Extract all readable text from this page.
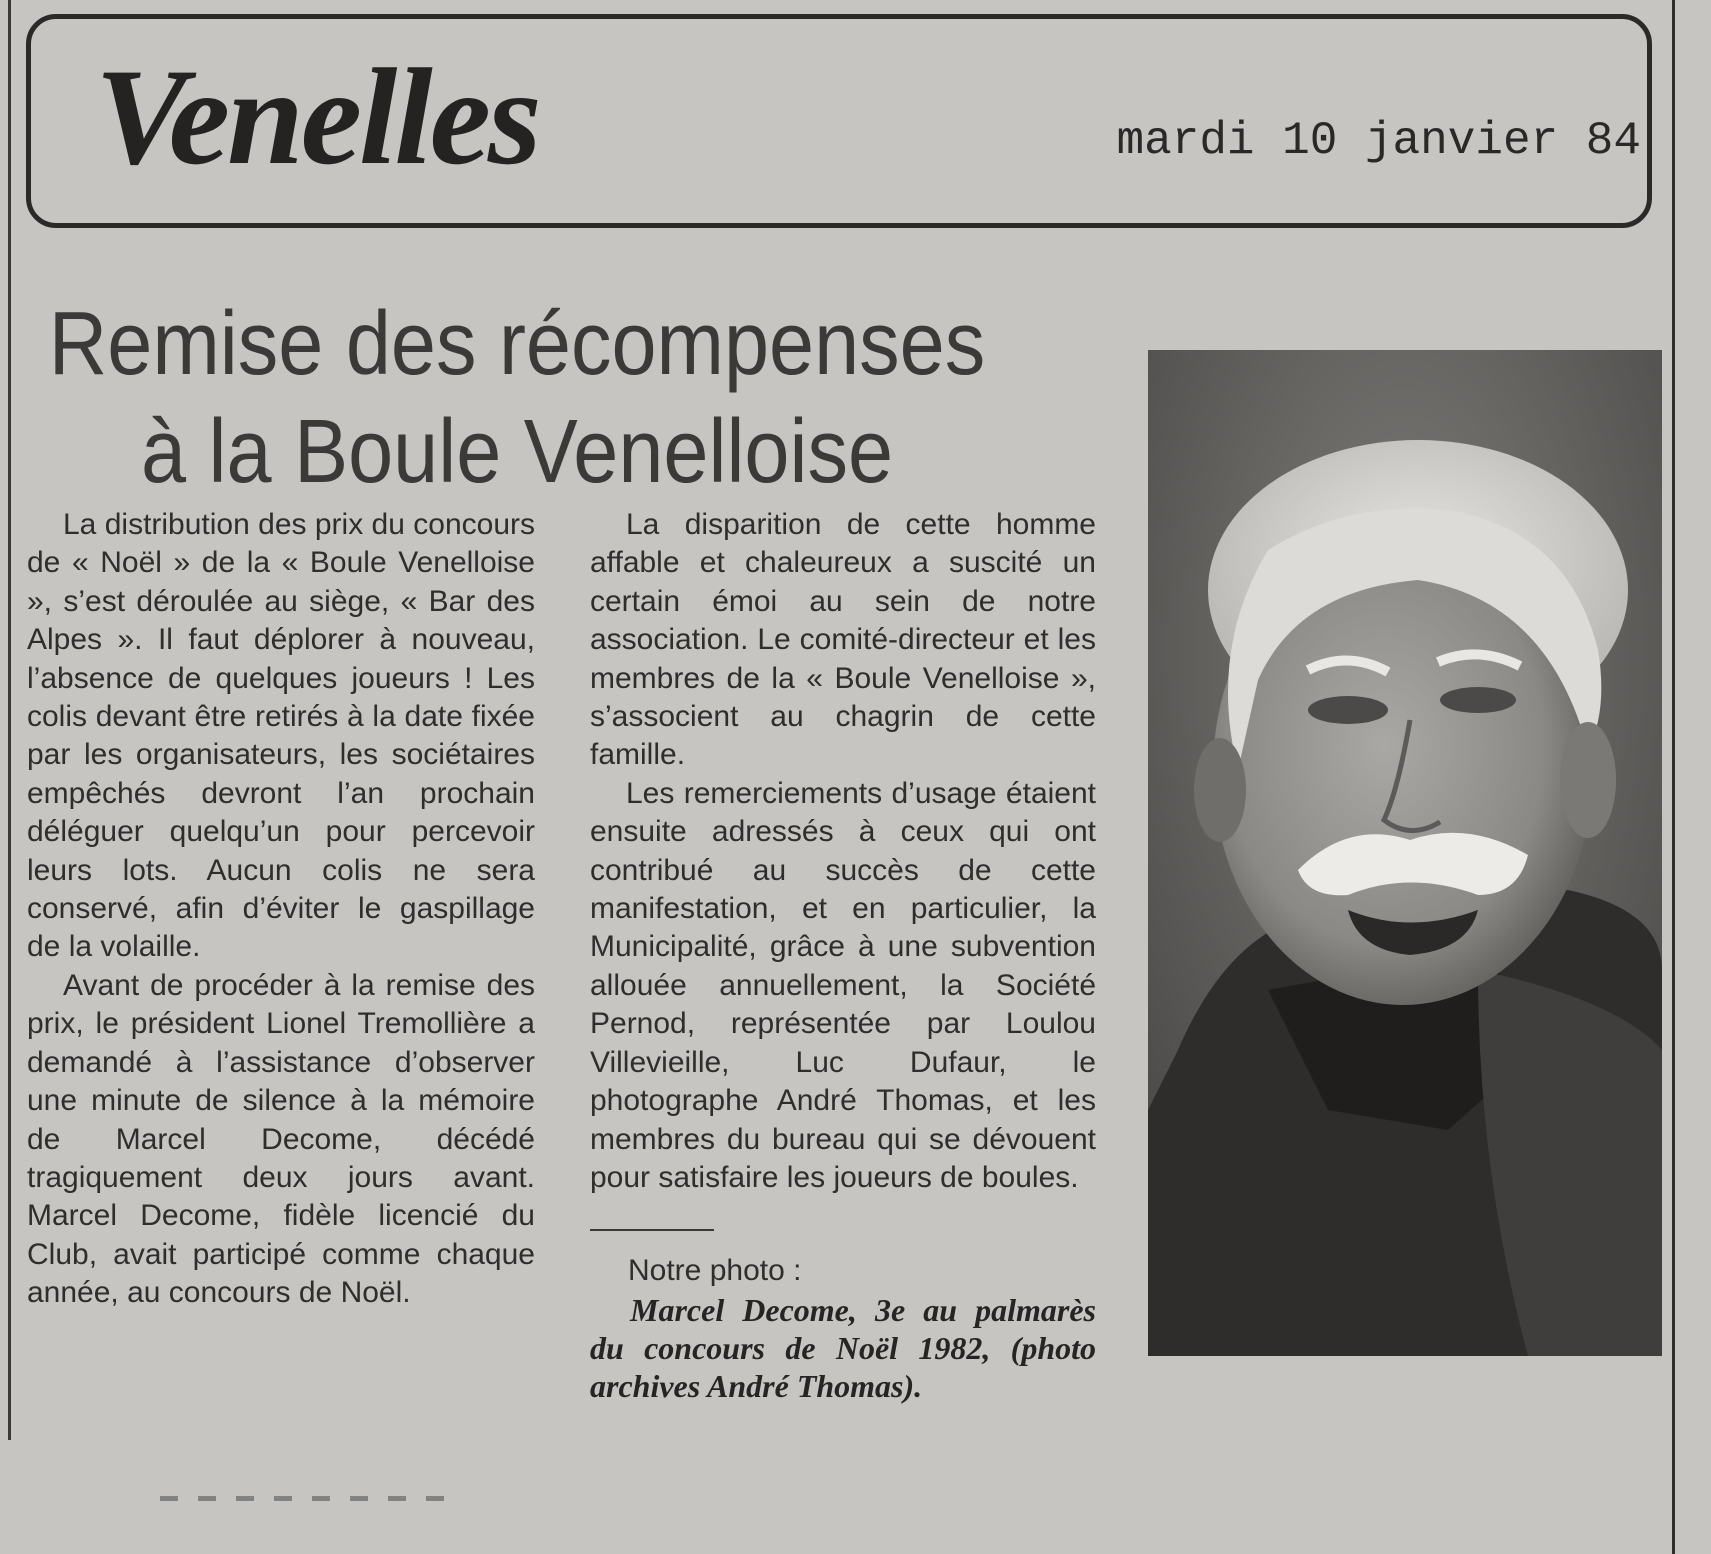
Venelles	mardi 10 janvier 84
Remise des récompenses
à la Boule Venelloise

La distribution des prix du concours de « Noël » de la « Boule Venelloise », s’est déroulée au siège, « Bar des Alpes ». Il faut déplorer à nouveau, l’absence de quelques joueurs ! Les colis devant être retirés à la date fixée par les organisateurs, les sociétaires empêchés devront l’an prochain déléguer quelqu’un pour percevoir leurs lots. Aucun colis ne sera conservé, afin d’éviter le gaspillage de la volaille.

Avant de procéder à la remise des prix, le président Lionel Tremollière a demandé à l’assistance d’observer une minute de silence à la mémoire de Marcel Decome, décédé tragiquement deux jours avant. Marcel Decome, fidèle licencié du Club, avait participé comme chaque année, au concours de Noël.

La disparition de cette homme affable et chaleureux a suscité un certain émoi au sein de notre association. Le comité-directeur et les membres de la « Boule Venelloise », s’associent au chagrin de cette famille.

Les remerciements d’usage étaient ensuite adressés à ceux qui ont contribué au succès de cette manifestation, et en particulier, la Municipalité, grâce à une subvention allouée annuellement, la Société Pernod, représentée par Loulou Villevieille, Luc Dufaur, le photographe André Thomas, et les membres du bureau qui se dévouent pour satisfaire les joueurs de boules.

Notre photo :
Marcel Decome, 3e au palmarès du concours de Noël 1982, (photo archives André Thomas).
